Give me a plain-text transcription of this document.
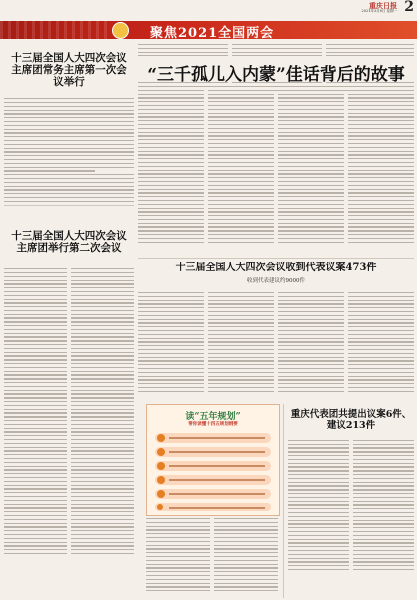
重庆日报 2
2021年3月8日 星期一
聚焦2021全国两会
十三届全国人大四次会议主席团常务主席第一次会议举行
十三届全国人大四次会议主席团举行第二次会议
“三千孤儿入内蒙”佳话背后的故事
十三届全国人大四次会议收到代表议案473件
收到代表建议约9000件
读“五年规划”
带你读懂十四五规划纲要
重庆代表团共提出议案6件、建议213件
